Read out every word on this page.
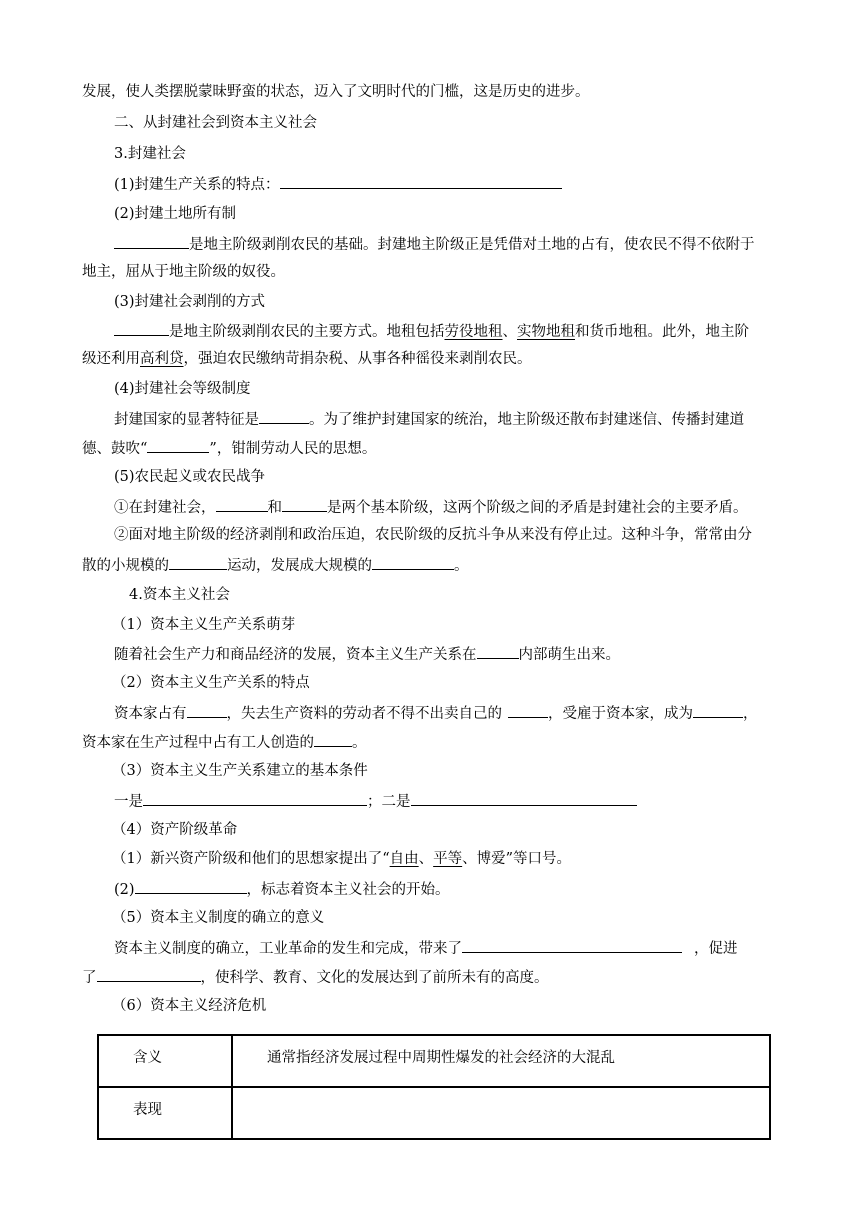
发展，使人类摆脱蒙昧野蛮的状态，迈入了文明时代的门槛，这是历史的进步。
二、从封建社会到资本主义社会
3.封建社会
(1)封建生产关系的特点：
(2)封建土地所有制
是地主阶级剥削农民的基础。封建地主阶级正是凭借对土地的占有，使农民不得不依附于
地主，屈从于地主阶级的奴役。
(3)封建社会剥削的方式
是地主阶级剥削农民的主要方式。地租包括劳役地租、实物地租和货币地租。此外，地主阶
级还利用高利贷，强迫农民缴纳苛捐杂税、从事各种徭役来剥削农民。
(4)封建社会等级制度
封建国家的显著特征是	。为了维护封建国家的统治，地主阶级还散布封建迷信、传播封建道
德、鼓吹“	”，钳制劳动人民的思想。
(5)农民起义或农民战争
①在封建社会，	和	是两个基本阶级，这两个阶级之间的矛盾是封建社会的主要矛盾。
②面对地主阶级的经济剥削和政治压迫，农民阶级的反抗斗争从来没有停止过。这种斗争，常常由分
散的小规模的	运动，发展成大规模的	。
4.资本主义社会
（1）资本主义生产关系萌芽
随着社会生产力和商品经济的发展，资本主义生产关系在	内部萌生出来。
（2）资本主义生产关系的特点
资本家占有	，失去生产资料的劳动者不得不出卖自己的	，受雇于资本家，成为	，
资本家在生产过程中占有工人创造的	。
（3）资本主义生产关系建立的基本条件
一是	；二是
（4）资产阶级革命
（1）新兴资产阶级和他们的思想家提出了“自由、平等、博爱”等口号。
(2)	，标志着资本主义社会的开始。
（5）资本主义制度的确立的意义
资本主义制度的确立，工业革命的发生和完成，带来了	，促进
了	，使科学、教育、文化的发展达到了前所未有的高度。
（6）资本主义经济危机
含义	通常指经济发展过程中周期性爆发的社会经济的大混乱
表现	
